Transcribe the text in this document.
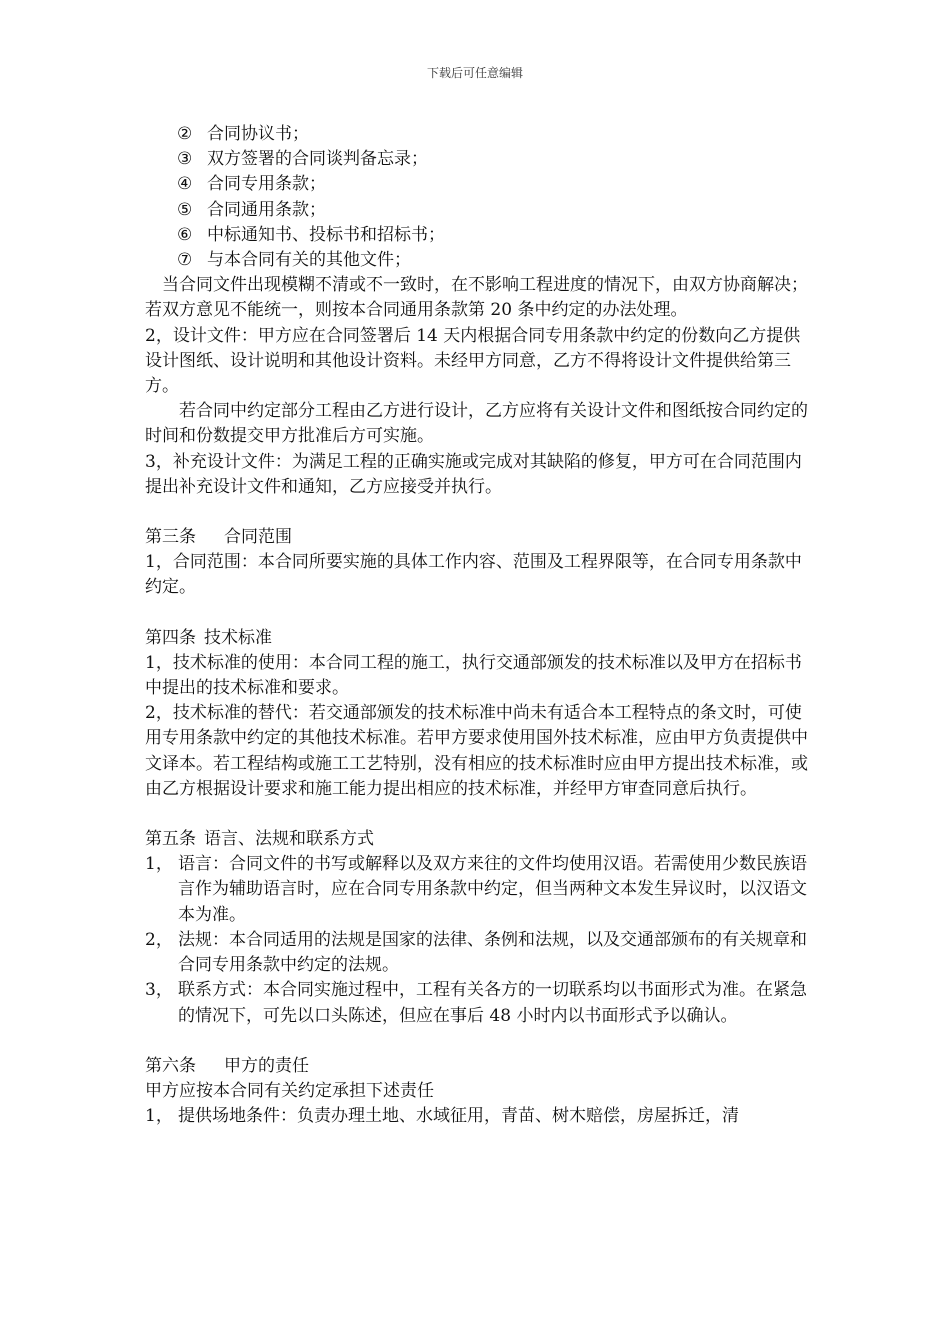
下载后可任意编辑

② 合同协议书；

③ 双方签署的合同谈判备忘录；

④ 合同专用条款；

⑤ 合同通用条款；

⑥ 中标通知书、投标书和招标书；

⑦ 与本合同有关的其他文件；

当合同文件出现模糊不清或不一致时，在不影响工程进度的情况下，由双方协商解决；若双方意见不能统一，则按本合同通用条款第 20 条中约定的办法处理。

2，设计文件：甲方应在合同签署后 14 天内根据合同专用条款中约定的份数向乙方提供设计图纸、设计说明和其他设计资料。未经甲方同意，乙方不得将设计文件提供给第三方。

若合同中约定部分工程由乙方进行设计，乙方应将有关设计文件和图纸按合同约定的时间和份数提交甲方批准后方可实施。

3，补充设计文件：为满足工程的正确实施或完成对其缺陷的修复，甲方可在合同范围内提出补充设计文件和通知，乙方应接受并执行。

第三条 合同范围

1，合同范围：本合同所要实施的具体工作内容、范围及工程界限等，在合同专用条款中约定。

第四条 技术标准

1，技术标准的使用：本合同工程的施工，执行交通部颁发的技术标准以及甲方在招标书中提出的技术标准和要求。

2，技术标准的替代：若交通部颁发的技术标准中尚未有适合本工程特点的条文时，可使用专用条款中约定的其他技术标准。若甲方要求使用国外技术标准，应由甲方负责提供中文译本。若工程结构或施工工艺特别，没有相应的技术标准时应由甲方提出技术标准，或由乙方根据设计要求和施工能力提出相应的技术标准，并经甲方审查同意后执行。

第五条 语言、法规和联系方式

1， 语言：合同文件的书写或解释以及双方来往的文件均使用汉语。若需使用少数民族语言作为辅助语言时，应在合同专用条款中约定，但当两种文本发生异议时，以汉语文本为准。
2， 法规：本合同适用的法规是国家的法律、条例和法规，以及交通部颁布的有关规章和合同专用条款中约定的法规。
3， 联系方式：本合同实施过程中，工程有关各方的一切联系均以书面形式为准。在紧急的情况下，可先以口头陈述，但应在事后 48 小时内以书面形式予以确认。

第六条 甲方的责任

甲方应按本合同有关约定承担下述责任

1， 提供场地条件：负责办理土地、水域征用，青苗、树木赔偿，房屋拆迁，清
